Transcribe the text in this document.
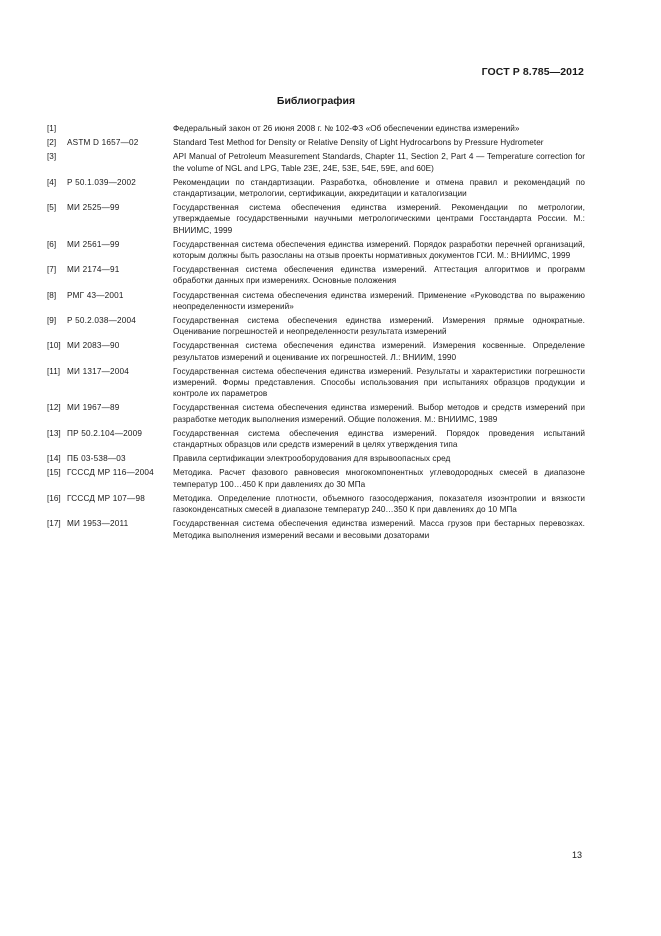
ГОСТ Р 8.785—2012
Библиография
[1]	Федеральный закон от 26 июня 2008 г. № 102-ФЗ «Об обеспечении единства измерений»
[2] ASTM D 1657—02	Standard Test Method for Density or Relative Density of Light Hydrocarbons by Pressure Hydrometer
[3]	API Manual of Petroleum Measurement Standards, Chapter 11, Section 2, Part 4 — Temperature correction for the volume of NGL and LPG, Table 23E, 24E, 53E, 54E, 59E, and 60E)
[4] Р 50.1.039—2002	Рекомендации по стандартизации. Разработка, обновление и отмена правил и рекомендаций по стандартизации, метрологии, сертификации, аккредитации и каталогизации
[5] МИ 2525—99	Государственная система обеспечения единства измерений. Рекомендации по метрологии, утверждаемые государственными научными метрологическими центрами Госстандарта России. М.: ВНИИМС, 1999
[6] МИ 2561—99	Государственная система обеспечения единства измерений. Порядок разработки перечней организаций, которым должны быть разосланы на отзыв проекты нормативных документов ГСИ. М.: ВНИИМС, 1999
[7] МИ 2174—91	Государственная система обеспечения единства измерений. Аттестация алгоритмов и программ обработки данных при измерениях. Основные положения
[8] РМГ 43—2001	Государственная система обеспечения единства измерений. Применение «Руководства по выражению неопределенности измерений»
[9] Р 50.2.038—2004	Государственная система обеспечения единства измерений. Измерения прямые однократные. Оценивание погрешностей и неопределенности результата измерений
[10] МИ 2083—90	Государственная система обеспечения единства измерений. Измерения косвенные. Определение результатов измерений и оценивание их погрешностей. Л.: ВНИИМ, 1990
[11] МИ 1317—2004	Государственная система обеспечения единства измерений. Результаты и характеристики погрешности измерений. Формы представления. Способы использования при испытаниях образцов продукции и контроле их параметров
[12] МИ 1967—89	Государственная система обеспечения единства измерений. Выбор методов и средств измерений при разработке методик выполнения измерений. Общие положения. М.: ВНИИМС, 1989
[13] ПР 50.2.104—2009	Государственная система обеспечения единства измерений. Порядок проведения испытаний стандартных образцов или средств измерений в целях утверждения типа
[14] ПБ 03-538—03	Правила сертификации электрооборудования для взрывоопасных сред
[15] ГСССД МР 116—2004 Методика. Расчет фазового равновесия многокомпонентных углеводородных смесей в диапазоне температур 100…450 К при давлениях до 30 МПа
[16] ГСССД МР 107—98	Методика. Определение плотности, объемного газосодержания, показателя изоэнтропии и вязкости газоконденсатных смесей в диапазоне температур 240…350 К при давлениях до 10 МПа
[17] МИ 1953—2011	Государственная система обеспечения единства измерений. Масса грузов при бестарных перевозках. Методика выполнения измерений весами и весовыми дозаторами
13
